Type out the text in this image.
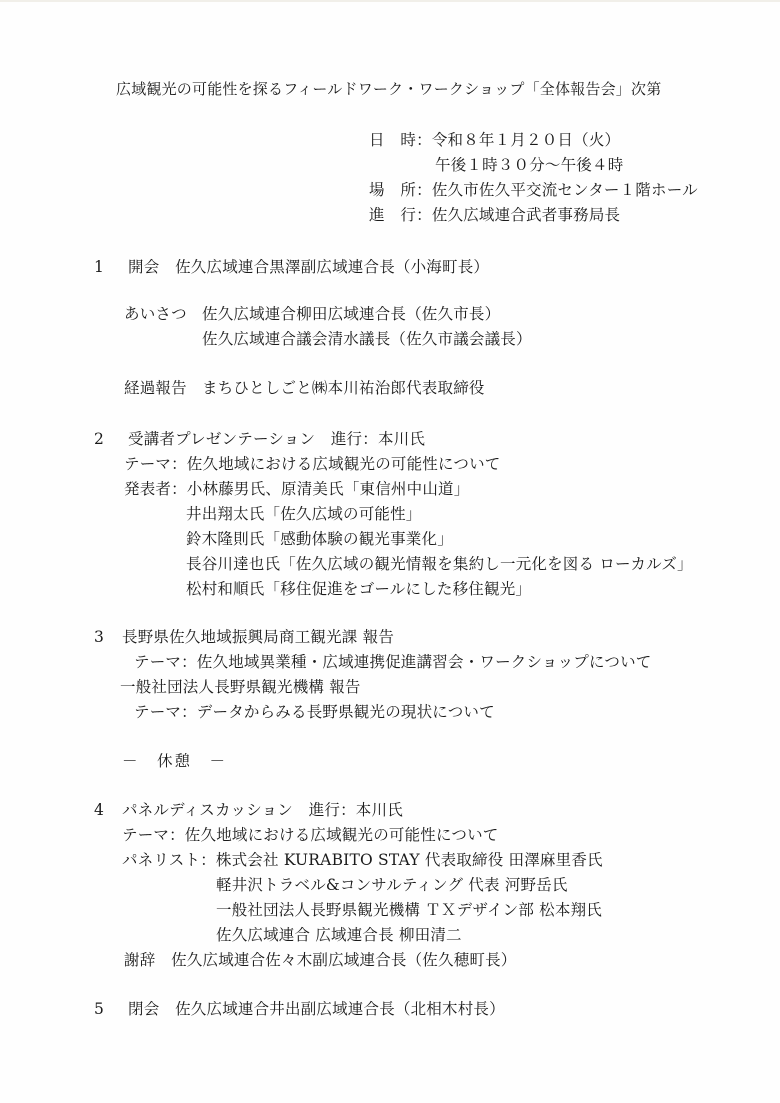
広域観光の可能性を探るフィールドワーク・ワークショップ「全体報告会」次第
日　時：令和８年１月２０日（火）
午後１時３０分～午後４時
場　所：佐久市佐久平交流センター１階ホール
進　行：佐久広域連合武者事務局長
1 開会　佐久広域連合黒澤副広域連合長（小海町長）
あいさつ 佐久広域連合柳田広域連合長（佐久市長）
佐久広域連合議会清水議長（佐久市議会議長）
経過報告 まちひとしごと㈱本川祐治郎代表取締役
2 受講者プレゼンテーション　進行：本川氏
テーマ：佐久地域における広域観光の可能性について
発表者：小林藤男氏、原清美氏「東信州中山道」
井出翔太氏「佐久広域の可能性」
鈴木隆則氏「感動体験の観光事業化」
長谷川達也氏「佐久広域の観光情報を集約し一元化を図る ローカルズ」
松村和順氏「移住促進をゴールにした移住観光」
3 長野県佐久地域振興局商工観光課 報告
テーマ：佐久地域異業種・広域連携促進講習会・ワークショップについて
一般社団法人長野県観光機構 報告
テーマ：データからみる長野県観光の現状について
－　休憩　－
4 パネルディスカッション　進行：本川氏
テーマ：佐久地域における広域観光の可能性について
パネリスト：株式会社 KURABITO STAY 代表取締役 田澤麻里香氏
軽井沢トラベル&コンサルティング 代表 河野岳氏
一般社団法人長野県観光機構 ＴＸデザイン部 松本翔氏
佐久広域連合 広域連合長 柳田清二
謝辞　佐久広域連合佐々木副広域連合長（佐久穂町長）
5 閉会　佐久広域連合井出副広域連合長（北相木村長）
